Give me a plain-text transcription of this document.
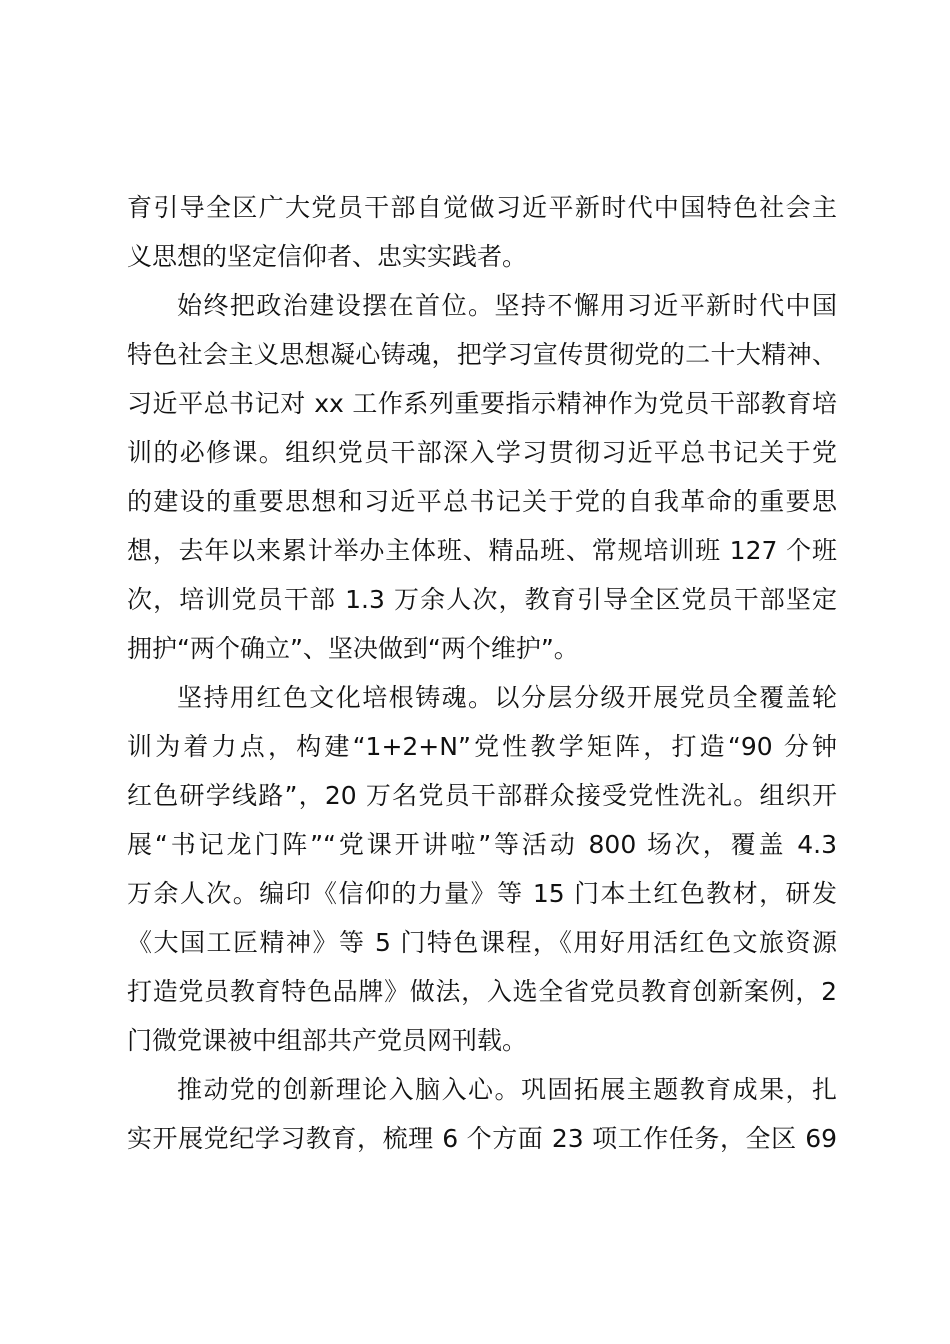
育引导全区广大党员干部自觉做习近平新时代中国特色社会主
义思想的坚定信仰者、忠实实践者。
始终把政治建设摆在首位。坚持不懈用习近平新时代中国
特色社会主义思想凝心铸魂，把学习宣传贯彻党的二十大精神、
习近平总书记对 xx 工作系列重要指示精神作为党员干部教育培
训的必修课。组织党员干部深入学习贯彻习近平总书记关于党
的建设的重要思想和习近平总书记关于党的自我革命的重要思
想，去年以来累计举办主体班、精品班、常规培训班 127 个班
次，培训党员干部 1.3 万余人次，教育引导全区党员干部坚定
拥护“两个确立”、坚决做到“两个维护”。
坚持用红色文化培根铸魂。以分层分级开展党员全覆盖轮
训为着力点，构建“1+2+N”党性教学矩阵，打造“90 分钟
红色研学线路”，20 万名党员干部群众接受党性洗礼。组织开
展“书记龙门阵”“党课开讲啦”等活动 800 场次，覆盖 4.3
万余人次。编印《信仰的力量》等 15 门本土红色教材，研发
《大国工匠精神》等 5 门特色课程，《用好用活红色文旅资源
打造党员教育特色品牌》做法，入选全省党员教育创新案例，2
门微党课被中组部共产党员网刊载。
推动党的创新理论入脑入心。巩固拓展主题教育成果，扎
实开展党纪学习教育，梳理 6 个方面 23 项工作任务，全区 69
